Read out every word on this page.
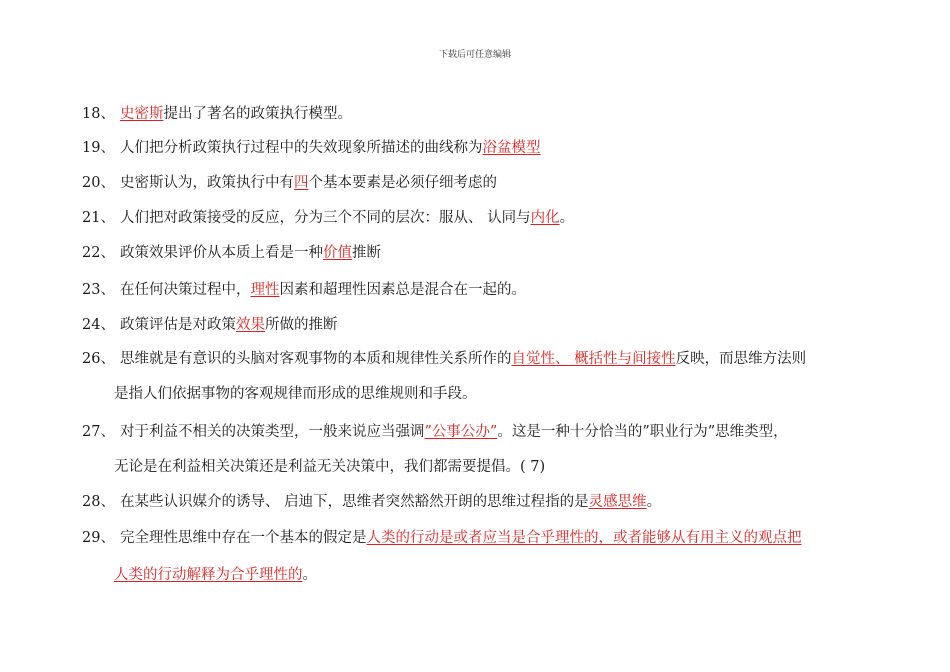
下载后可任意编辑
18、 史密斯提出了著名的政策执行模型。
19、 人们把分析政策执行过程中的失效现象所描述的曲线称为浴盆模型
20、 史密斯认为，政策执行中有四个基本要素是必须仔细考虑的
21、 人们把对政策接受的反应，分为三个不同的层次：服从、 认同与内化。
22、 政策效果评价从本质上看是一种价值推断
23、 在任何决策过程中，理性因素和超理性因素总是混合在一起的。
24、 政策评估是对政策效果所做的推断
26、 思维就是有意识的头脑对客观事物的本质和规律性关系所作的自觉性、 概括性与间接性反映，而思维方法则
是指人们依据事物的客观规律而形成的思维规则和手段。
27、 对于利益不相关的决策类型，一般来说应当强调”公事公办”。这是一种十分恰当的”职业行为”思维类型，
无论是在利益相关决策还是利益无关决策中，我们都需要提倡。( 7)
28、 在某些认识媒介的诱导、 启迪下，思维者突然豁然开朗的思维过程指的是灵感思维。
29、 完全理性思维中存在一个基本的假定是人类的行动是或者应当是合乎理性的，或者能够从有用主义的观点把
人类的行动解释为合乎理性的。
